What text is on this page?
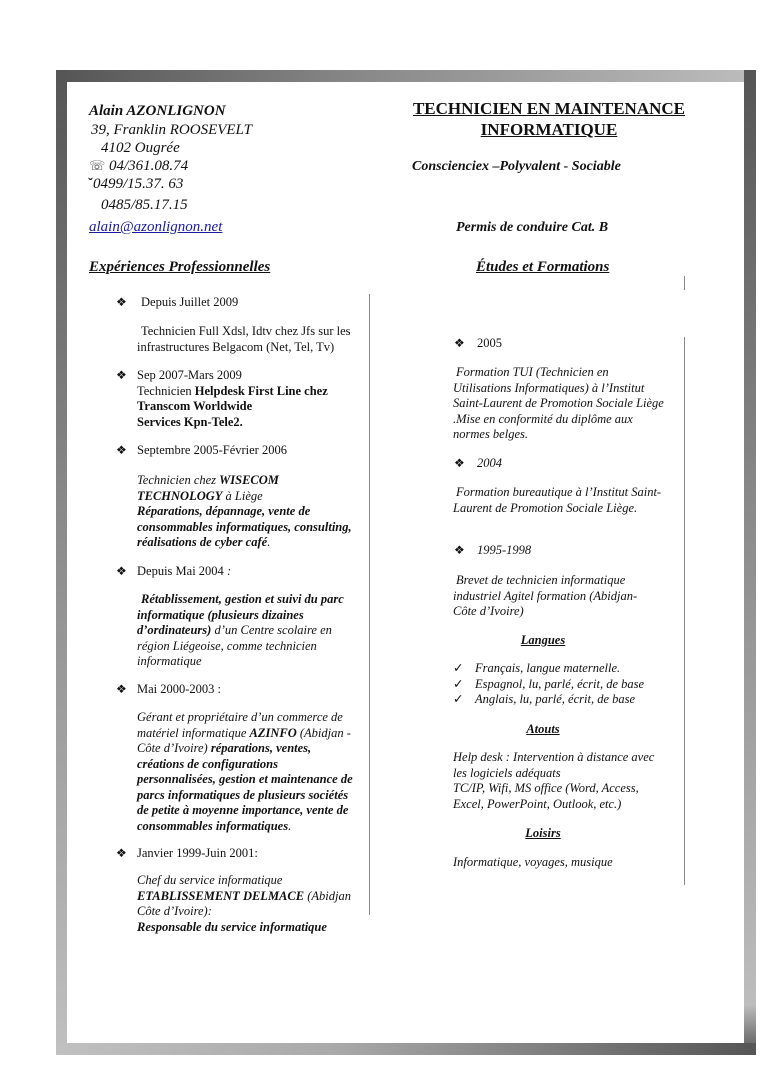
Alain AZONLIGNON
39, Franklin ROOSEVELT
4102 Ougrée
☏ 04/361.08.74
ˇ0499/15.37. 63
0485/85.17.15
alain@azonlignon.net
TECHNICIEN EN MAINTENANCE
INFORMATIQUE
Conscienciex –Polyvalent - Sociable
Permis de conduire Cat. B
Expériences Professionnelles	Études et Formations
❖ Depuis Juillet 2009
Technicien Full Xdsl, Idtv chez Jfs sur les
infrastructures Belgacom (Net, Tel, Tv)
❖ Sep 2007-Mars 2009
Technicien Helpdesk First Line chez
Transcom Worldwide
Services Kpn-Tele2.
❖ Septembre 2005-Février 2006
Technicien chez WISECOM
TECHNOLOGY à Liège
Réparations, dépannage, vente de
consommables informatiques, consulting,
réalisations de cyber café.
❖ Depuis Mai 2004 :
Rétablissement, gestion et suivi du parc
informatique (plusieurs dizaines
d’ordinateurs) d’un Centre scolaire en
région Liégeoise, comme technicien
informatique
❖ Mai 2000-2003 :
Gérant et propriétaire d’un commerce de
matériel informatique AZINFO (Abidjan -
Côte d’Ivoire) réparations, ventes,
créations de configurations
personnalisées, gestion et maintenance de
parcs informatiques de plusieurs sociétés
de petite à moyenne importance, vente de
consommables informatiques.
❖ Janvier 1999-Juin 2001:
Chef du service informatique
ETABLISSEMENT DELMACE (Abidjan
Côte d’Ivoire):
Responsable du service informatique
❖ 2005
Formation TUI (Technicien en
Utilisations Informatiques) à l’Institut
Saint-Laurent de Promotion Sociale Liège
.Mise en conformité du diplôme aux
normes belges.
❖ 2004
Formation bureautique à l’Institut Saint-
Laurent de Promotion Sociale Liège.
❖ 1995-1998
Brevet de technicien informatique
industriel Agitel formation (Abidjan-
Côte d’Ivoire)
Langues
✓ Français, langue maternelle.
✓ Espagnol, lu, parlé, écrit, de base
✓ Anglais, lu, parlé, écrit, de base
Atouts
Help desk : Intervention à distance avec
les logiciels adéquats
TC/IP, Wifi, MS office (Word, Access,
Excel, PowerPoint, Outlook, etc.)
Loisirs
Informatique, voyages, musique
